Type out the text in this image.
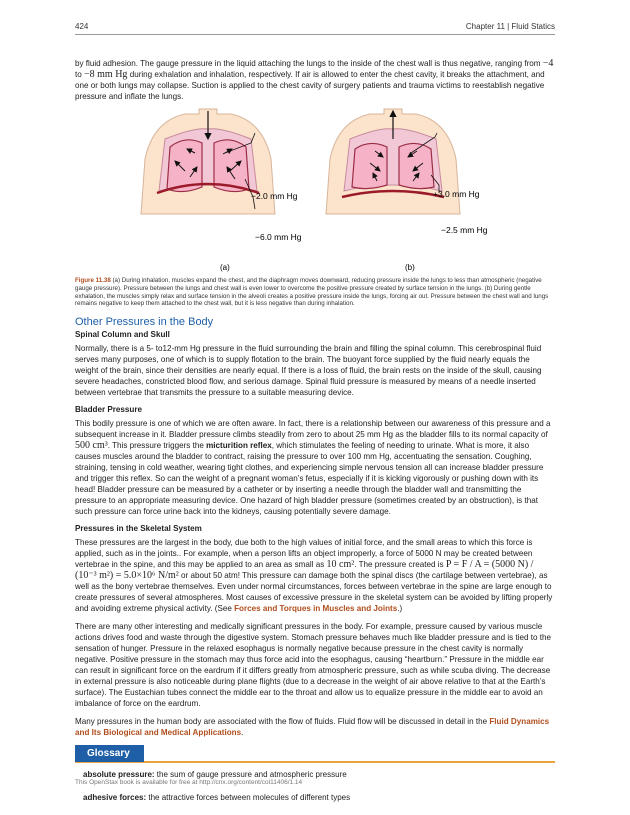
424	Chapter 11 | Fluid Statics

by fluid adhesion. The gauge pressure in the liquid attaching the lungs to the inside of the chest wall is thus negative, ranging from −4 to −8 mm Hg during exhalation and inhalation, respectively. If air is allowed to enter the chest cavity, it breaks the attachment, and one or both lungs may collapse. Suction is applied to the chest cavity of surgery patients and trauma victims to reestablish negative pressure and inflate the lungs.

−2.0 mm Hg
−6.0 mm Hg
+3.0 mm Hg
−2.5 mm Hg
(a)	(b)

Figure 11.38 (a) During inhalation, muscles expand the chest, and the diaphragm moves downward, reducing pressure inside the lungs to less than atmospheric (negative gauge pressure). Pressure between the lungs and chest wall is even lower to overcome the positive pressure created by surface tension in the lungs. (b) During gentle exhalation, the muscles simply relax and surface tension in the alveoli creates a positive pressure inside the lungs, forcing air out. Pressure between the chest wall and lungs remains negative to keep them attached to the chest wall, but it is less negative than during inhalation.

Other Pressures in the Body
Spinal Column and Skull

Normally, there is a 5- to12-mm Hg pressure in the fluid surrounding the brain and filling the spinal column. This cerebrospinal fluid serves many purposes, one of which is to supply flotation to the brain. The buoyant force supplied by the fluid nearly equals the weight of the brain, since their densities are nearly equal. If there is a loss of fluid, the brain rests on the inside of the skull, causing severe headaches, constricted blood flow, and serious damage. Spinal fluid pressure is measured by means of a needle inserted between vertebrae that transmits the pressure to a suitable measuring device.

Bladder Pressure

This bodily pressure is one of which we are often aware. In fact, there is a relationship between our awareness of this pressure and a subsequent increase in it. Bladder pressure climbs steadily from zero to about 25 mm Hg as the bladder fills to its normal capacity of 500 cm³. This pressure triggers the micturition reflex, which stimulates the feeling of needing to urinate. What is more, it also causes muscles around the bladder to contract, raising the pressure to over 100 mm Hg, accentuating the sensation. Coughing, straining, tensing in cold weather, wearing tight clothes, and experiencing simple nervous tension all can increase bladder pressure and trigger this reflex. So can the weight of a pregnant woman’s fetus, especially if it is kicking vigorously or pushing down with its head! Bladder pressure can be measured by a catheter or by inserting a needle through the bladder wall and transmitting the pressure to an appropriate measuring device. One hazard of high bladder pressure (sometimes created by an obstruction), is that such pressure can force urine back into the kidneys, causing potentially severe damage.

Pressures in the Skeletal System

These pressures are the largest in the body, due both to the high values of initial force, and the small areas to which this force is applied, such as in the joints.. For example, when a person lifts an object improperly, a force of 5000 N may be created between vertebrae in the spine, and this may be applied to an area as small as 10 cm². The pressure created is P = F / A = (5000 N) / (10⁻³ m²) = 5.0×10⁶ N/m² or about 50 atm! This pressure can damage both the spinal discs (the cartilage between vertebrae), as well as the bony vertebrae themselves. Even under normal circumstances, forces between vertebrae in the spine are large enough to create pressures of several atmospheres. Most causes of excessive pressure in the skeletal system can be avoided by lifting properly and avoiding extreme physical activity. (See Forces and Torques in Muscles and Joints.)

There are many other interesting and medically significant pressures in the body. For example, pressure caused by various muscle actions drives food and waste through the digestive system. Stomach pressure behaves much like bladder pressure and is tied to the sensation of hunger. Pressure in the relaxed esophagus is normally negative because pressure in the chest cavity is normally negative. Positive pressure in the stomach may thus force acid into the esophagus, causing “heartburn.” Pressure in the middle ear can result in significant force on the eardrum if it differs greatly from atmospheric pressure, such as while scuba diving. The decrease in external pressure is also noticeable during plane flights (due to a decrease in the weight of air above relative to that at the Earth’s surface). The Eustachian tubes connect the middle ear to the throat and allow us to equalize pressure in the middle ear to avoid an imbalance of force on the eardrum.

Many pressures in the human body are associated with the flow of fluids. Fluid flow will be discussed in detail in the Fluid Dynamics and Its Biological and Medical Applications.

Glossary
absolute pressure: the sum of gauge pressure and atmospheric pressure
adhesive forces: the attractive forces between molecules of different types
This OpenStax book is available for free at http://cnx.org/content/col11406/1.14
